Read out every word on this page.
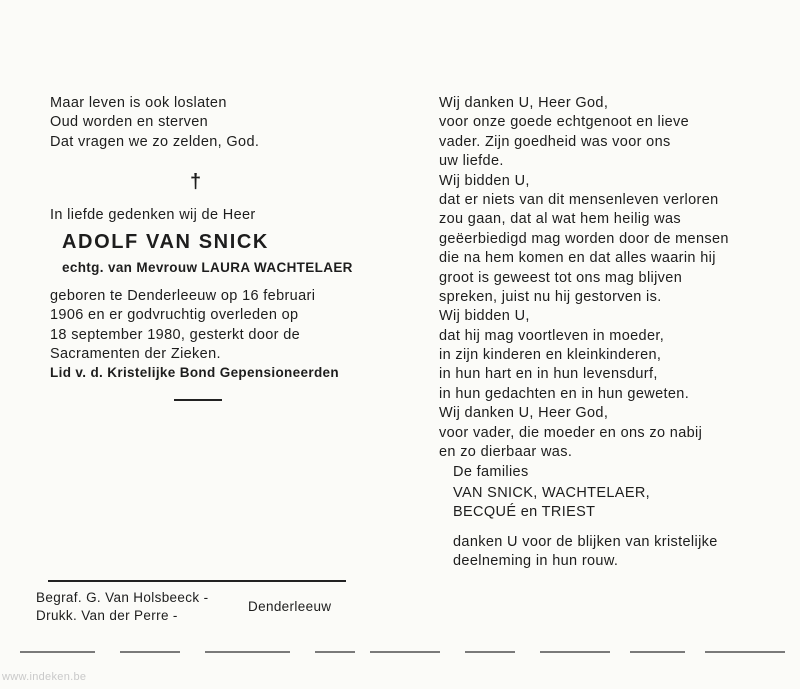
Maar leven is ook loslaten
Oud worden en sterven
Dat vragen we zo zelden, God.
†
In liefde gedenken wij de Heer
ADOLF VAN SNICK
echtg. van Mevrouw LAURA WACHTELAER
geboren te Denderleeuw op 16 februari
1906 en er godvruchtig overleden op
18 september 1980, gesterkt door de
Sacramenten der Zieken.
Lid v. d. Kristelijke Bond Gepensioneerden
Begraf. G. Van Holsbeeck -
Drukk. Van der Perre -
Denderleeuw
Wij danken U, Heer God,
voor onze goede echtgenoot en lieve
vader. Zijn goedheid was voor ons
uw liefde.
Wij bidden U,
dat er niets van dit mensenleven verloren
zou gaan, dat al wat hem heilig was
geëerbiedigd mag worden door de mensen
die na hem komen en dat alles waarin hij
groot is geweest tot ons mag blijven
spreken, juist nu hij gestorven is.
Wij bidden U,
dat hij mag voortleven in moeder,
in zijn kinderen en kleinkinderen,
in hun hart en in hun levensdurf,
in hun gedachten en in hun geweten.
Wij danken U, Heer God,
voor vader, die moeder en ons zo nabij
en zo dierbaar was.
De families
VAN SNICK, WACHTELAER,
BECQUÉ en TRIEST
danken U voor de blijken van kristelijke
deelneming in hun rouw.
www.indeken.be
